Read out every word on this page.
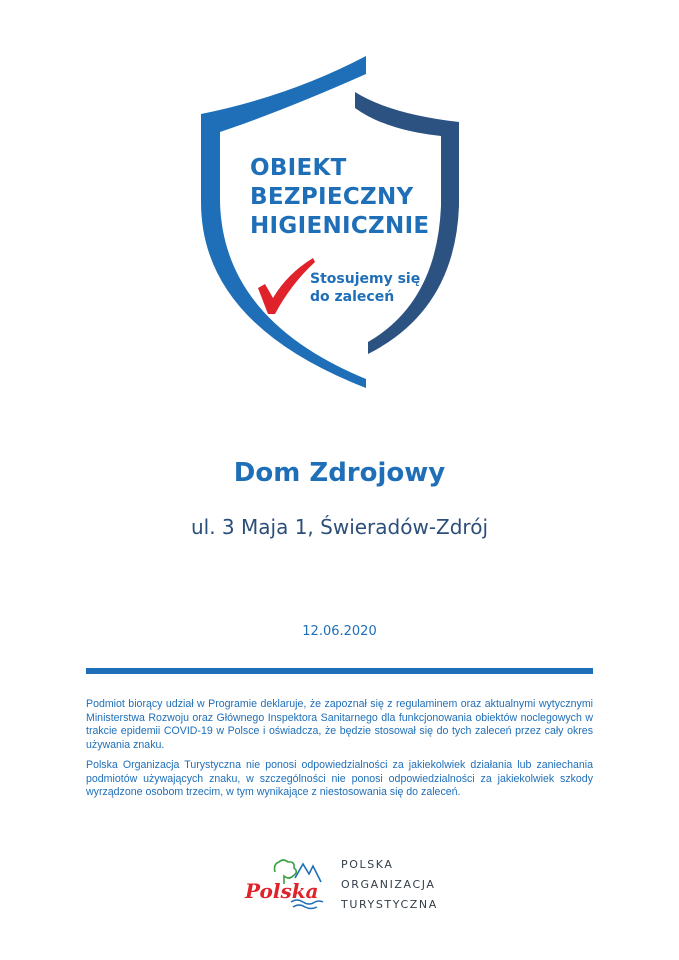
OBIEKT
BEZPIECZNY
HIGIENICZNIE
Stosujemy się
do zaleceń
Dom Zdrojowy
ul. 3 Maja 1, Świeradów-Zdrój
12.06.2020
Podmiot biorący udział w Programie deklaruje, że zapoznał się z regulaminem oraz aktualnymi wytycznymi Ministerstwa Rozwoju oraz Głównego Inspektora Sanitarnego dla funkcjonowania obiektów noclegowych w trakcie epidemii COVID-19 w Polsce i oświadcza, że będzie stosował się do tych zaleceń przez cały okres używania znaku.
Polska Organizacja Turystyczna nie ponosi odpowiedzialności za jakiekolwiek działania lub zaniechania podmiotów używających znaku, w szczególności nie ponosi odpowiedzialności za jakiekolwiek szkody wyrządzone osobom trzecim, w tym wynikające z niestosowania się do zaleceń.
Polska
POLSKA
ORGANIZACJA
TURYSTYCZNA
